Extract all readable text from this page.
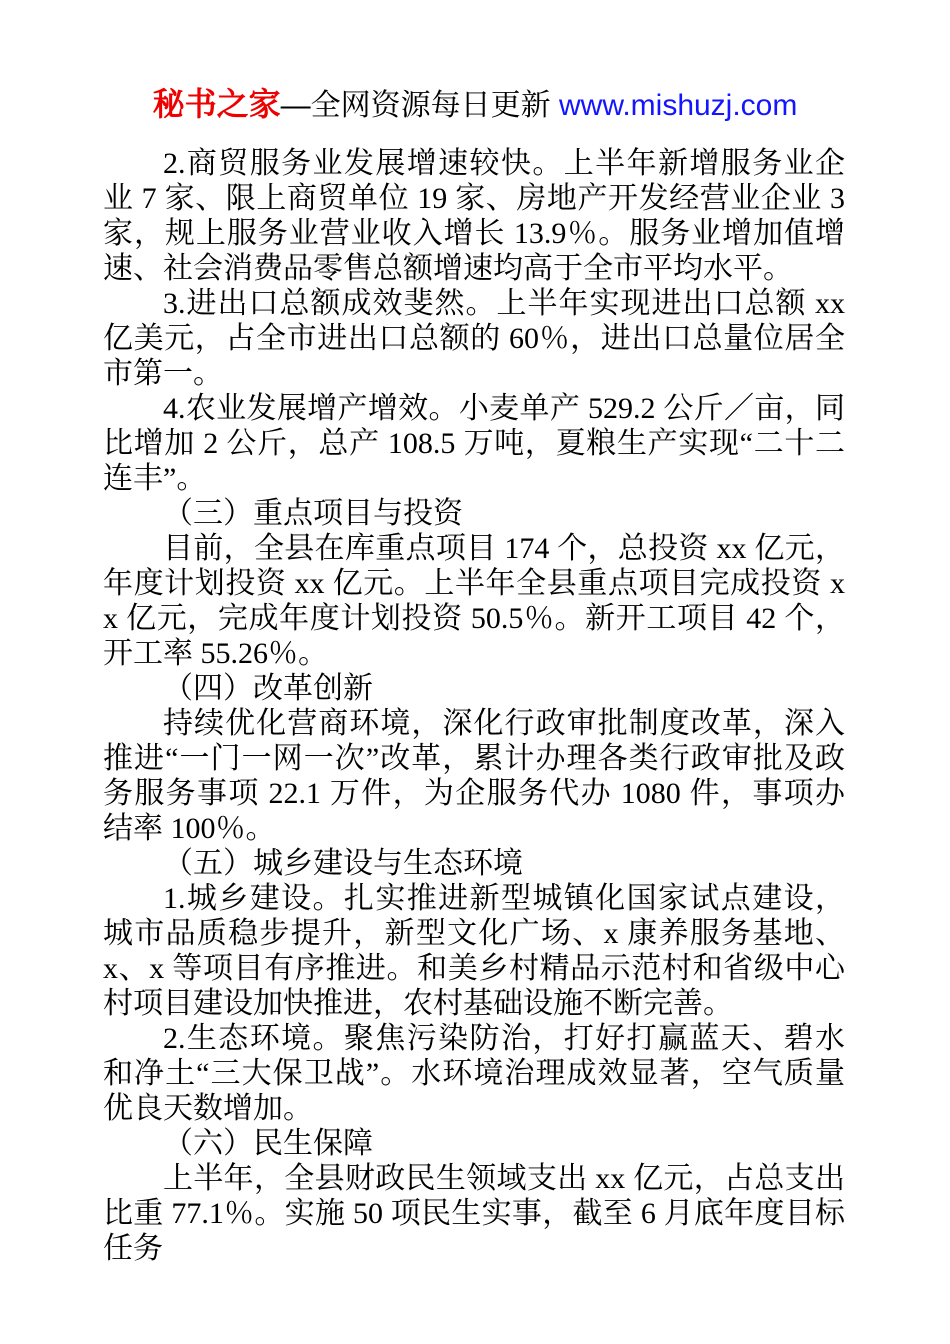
秘书之家—全网资源每日更新 www.mishuzj.com

2.商贸服务业发展增速较快。上半年新增服务业企业 7 家、限上商贸单位 19 家、房地产开发经营业企业 3 家，规上服务业营业收入增长 13.9％。服务业增加值增速、社会消费品零售总额增速均高于全市平均水平。

3.进出口总额成效斐然。上半年实现进出口总额 xx 亿美元，占全市进出口总额的 60％，进出口总量位居全市第一。

4.农业发展增产增效。小麦单产 529.2 公斤／亩，同比增加 2 公斤，总产 108.5 万吨，夏粮生产实现“二十二连丰”。

（三）重点项目与投资

目前，全县在库重点项目 174 个，总投资 xx 亿元，年度计划投资 xx 亿元。上半年全县重点项目完成投资 xx 亿元，完成年度计划投资 50.5％。新开工项目 42 个，开工率 55.26％。

（四）改革创新

持续优化营商环境，深化行政审批制度改革，深入推进“一门一网一次”改革，累计办理各类行政审批及政务服务事项 22.1 万件，为企服务代办 1080 件，事项办结率 100％。

（五）城乡建设与生态环境

1.城乡建设。扎实推进新型城镇化国家试点建设，城市品质稳步提升，新型文化广场、x 康养服务基地、x、x 等项目有序推进。和美乡村精品示范村和省级中心村项目建设加快推进，农村基础设施不断完善。

2.生态环境。聚焦污染防治，打好打赢蓝天、碧水和净土“三大保卫战”。水环境治理成效显著，空气质量优良天数增加。

（六）民生保障

上半年，全县财政民生领域支出 xx 亿元，占总支出比重 77.1％。实施 50 项民生实事，截至 6 月底年度目标任务
